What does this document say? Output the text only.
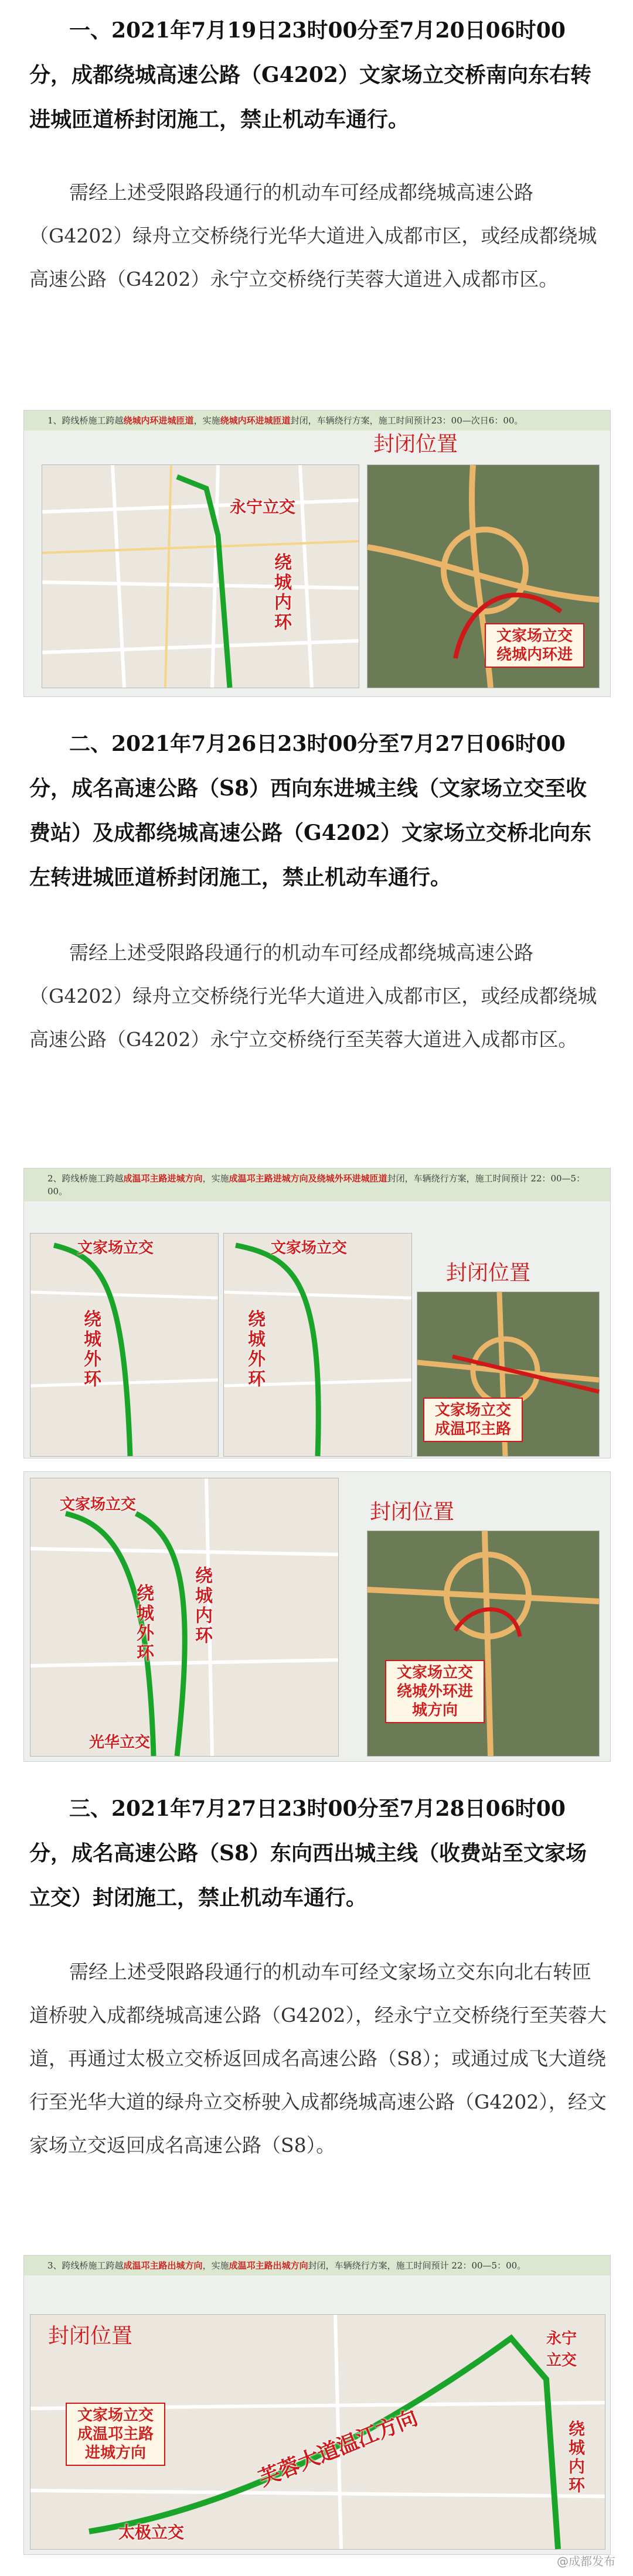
一、2021年7月19日23时00分至7月20日06时00分，成都绕城高速公路（G4202）文家场立交桥南向东右转进城匝道桥封闭施工，禁止机动车通行。

需经上述受限路段通行的机动车可经成都绕城高速公路（G4202）绿舟立交桥绕行光华大道进入成都市区，或经成都绕城高速公路（G4202）永宁立交桥绕行芙蓉大道进入成都市区。

1、跨线桥施工跨越绕城内环进城匝道，实施绕城内环进城匝道封闭，车辆绕行方案，施工时间预计23：00—次日6：00。
永宁立交
绕城内环
封闭位置
文家场立交绕城内环进

二、2021年7月26日23时00分至7月27日06时00分，成名高速公路（S8）西向东进城主线（文家场立交至收费站）及成都绕城高速公路（G4202）文家场立交桥北向东左转进城匝道桥封闭施工，禁止机动车通行。

需经上述受限路段通行的机动车可经成都绕城高速公路（G4202）绿舟立交桥绕行光华大道进入成都市区，或经成都绕城高速公路（G4202）永宁立交桥绕行至芙蓉大道进入成都市区。

2、跨线桥施工跨越成温邛主路进城方向，实施成温邛主路进城方向及绕城外环进城匝道封闭，车辆绕行方案，施工时间预计 22：00—5：00。
文家场立交
绕城外环
文家场立交
绕城外环
文家场立交成温邛主路
封闭位置
文家场立交
绕城外环 绕城内环
光华立交
封闭位置
文家场立交绕城外环进城方向

三、2021年7月27日23时00分至7月28日06时00分，成名高速公路（S8）东向西出城主线（收费站至文家场立交）封闭施工，禁止机动车通行。

需经上述受限路段通行的机动车可经文家场立交东向北右转匝道桥驶入成都绕城高速公路（G4202），经永宁立交桥绕行至芙蓉大道，再通过太极立交桥返回成名高速公路（S8）；或通过成飞大道绕行至光华大道的绿舟立交桥驶入成都绕城高速公路（G4202），经文家场立交返回成名高速公路（S8）。

3、跨线桥施工跨越成温邛主路出城方向，实施成温邛主路出城方向封闭，车辆绕行方案，施工时间预计 22：00—5：00。
封闭位置
文家场立交成温邛主路进城方向	芙蓉大道温江方向
太极立交
永宁立交
绕城内环
@成都发布
